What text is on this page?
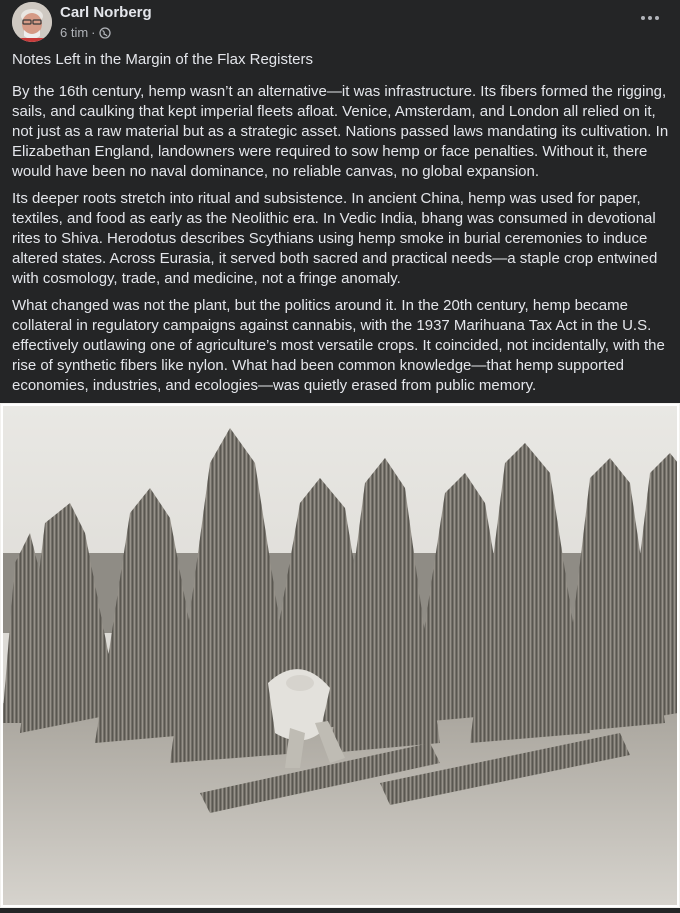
Carl Norberg
6 tim ·

Notes Left in the Margin of the Flax Registers

By the 16th century, hemp wasn’t an alternative—it was infrastructure. Its fibers formed the rigging, sails, and caulking that kept imperial fleets afloat. Venice, Amsterdam, and London all relied on it, not just as a raw material but as a strategic asset. Nations passed laws mandating its cultivation. In Elizabethan England, landowners were required to sow hemp or face penalties. Without it, there would have been no naval dominance, no reliable canvas, no global expansion.

Its deeper roots stretch into ritual and subsistence. In ancient China, hemp was used for paper, textiles, and food as early as the Neolithic era. In Vedic India, bhang was consumed in devotional rites to Shiva. Herodotus describes Scythians using hemp smoke in burial ceremonies to induce altered states. Across Eurasia, it served both sacred and practical needs—a staple crop entwined with cosmology, trade, and medicine, not a fringe anomaly.

What changed was not the plant, but the politics around it. In the 20th century, hemp became collateral in regulatory campaigns against cannabis, with the 1937 Marihuana Tax Act in the U.S. effectively outlawing one of agriculture’s most versatile crops. It coincided, not incidentally, with the rise of synthetic fibers like nylon. What had been common knowledge—that hemp supported economies, industries, and ecologies—was quietly erased from public memory.
